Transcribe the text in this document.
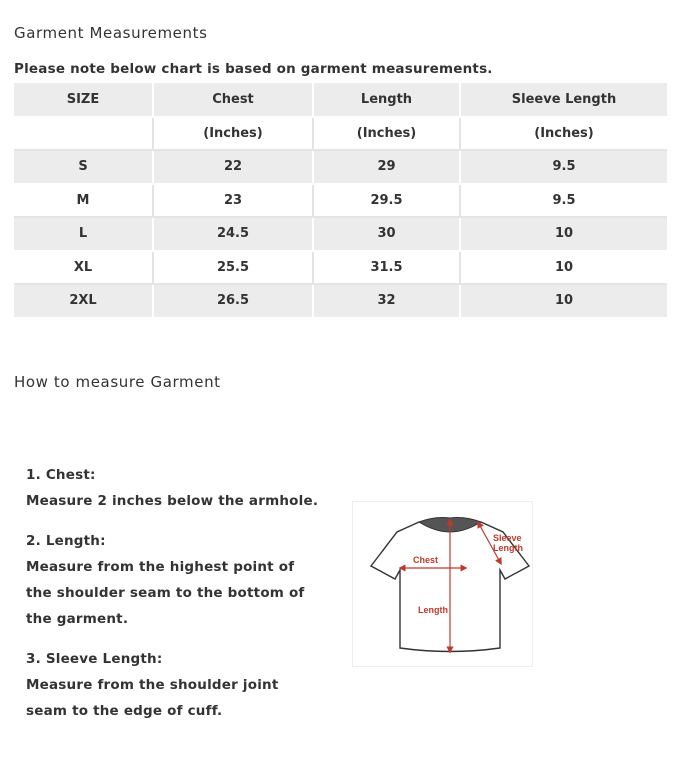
Garment Measurements
Please note below chart is based on garment measurements.
SIZE	Chest	Length	Sleeve Length
	(Inches)	(Inches)	(Inches)
S	22	29	9.5
M	23	29.5	9.5
L	24.5	30	10
XL	25.5	31.5	10
2XL	26.5	32	10
How to measure Garment
1. Chest:
Measure 2 inches below the armhole.
2. Length:
Measure from the highest point of
the shoulder seam to the bottom of
the garment.
3. Sleeve Length:
Measure from the shoulder joint
seam to the edge of cuff.
Chest
Length
Sleeve
Length
